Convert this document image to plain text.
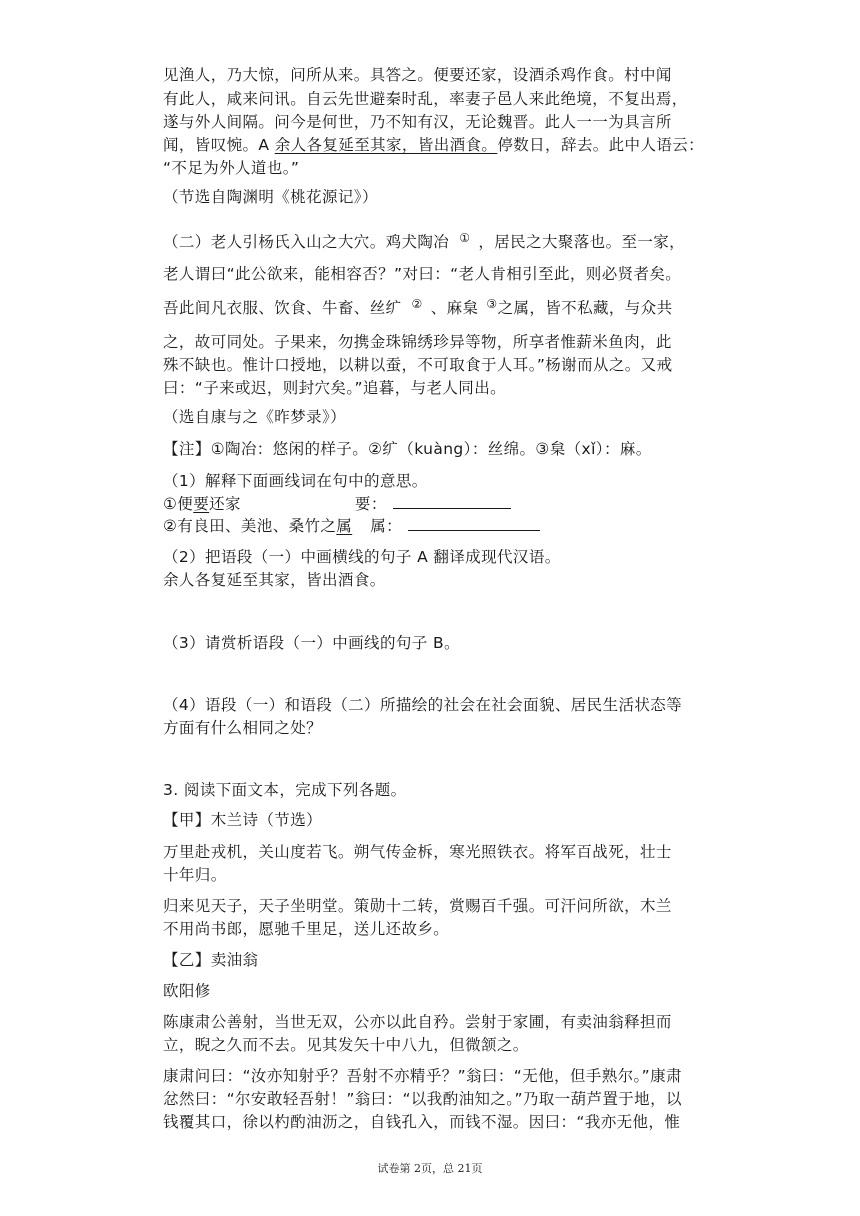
见渔人，乃大惊，问所从来。具答之。便要还家，设酒杀鸡作食。村中闻
有此人，咸来问讯。自云先世避秦时乱，率妻子邑人来此绝境，不复出焉，
遂与外人间隔。问今是何世，乃不知有汉，无论魏晋。此人一一为具言所
闻，皆叹惋。A 余人各复延至其家，皆出酒食。停数日，辞去。此中人语云：
“不足为外人道也。”
（节选自陶渊明《桃花源记》）
（二）老人引杨氏入山之大穴。鸡犬陶冶 ① ，居民之大聚落也。至一家，
老人谓曰“此公欲来，能相容否？”对曰：“老人肯相引至此，则必贤者矣。
吾此间凡衣服、饮食、牛畜、丝纩 ② 、麻枲 ③之属，皆不私藏，与众共
之，故可同处。子果来，勿携金珠锦绣珍异等物，所享者惟薪米鱼肉，此
殊不缺也。惟计口授地，以耕以蚕，不可取食于人耳。”杨谢而从之。又戒
曰：“子来或迟，则封穴矣。”追暮，与老人同出。
（选自康与之《昨梦录》）
【注】①陶冶：悠闲的样子。②纩（kuàng）：丝绵。③枲（xǐ）：麻。
（1）解释下面画线词在句中的意思。
①便要还家	要：
②有良田、美池、桑竹之属 属：
（2）把语段（一）中画横线的句子 A 翻译成现代汉语。
余人各复延至其家，皆出酒食。
（3）请赏析语段（一）中画线的句子 B。
（4）语段（一）和语段（二）所描绘的社会在社会面貌、居民生活状态等
方面有什么相同之处？
3. 阅读下面文本，完成下列各题。
【甲】木兰诗（节选）
万里赴戎机，关山度若飞。朔气传金柝，寒光照铁衣。将军百战死，壮士
十年归。
归来见天子，天子坐明堂。策勋十二转，赏赐百千强。可汗问所欲，木兰
不用尚书郎，愿驰千里足，送儿还故乡。
【乙】卖油翁
欧阳修
陈康肃公善射，当世无双，公亦以此自矜。尝射于家圃，有卖油翁释担而
立，睨之久而不去。见其发矢十中八九，但微颔之。
康肃问曰：“汝亦知射乎？吾射不亦精乎？”翁曰：“无他，但手熟尔。”康肃
忿然曰：“尔安敢轻吾射！”翁曰：“以我酌油知之。”乃取一葫芦置于地，以
钱覆其口，徐以杓酌油沥之，自钱孔入，而钱不湿。因曰：“我亦无他，惟
试卷第 2页，总 21页
